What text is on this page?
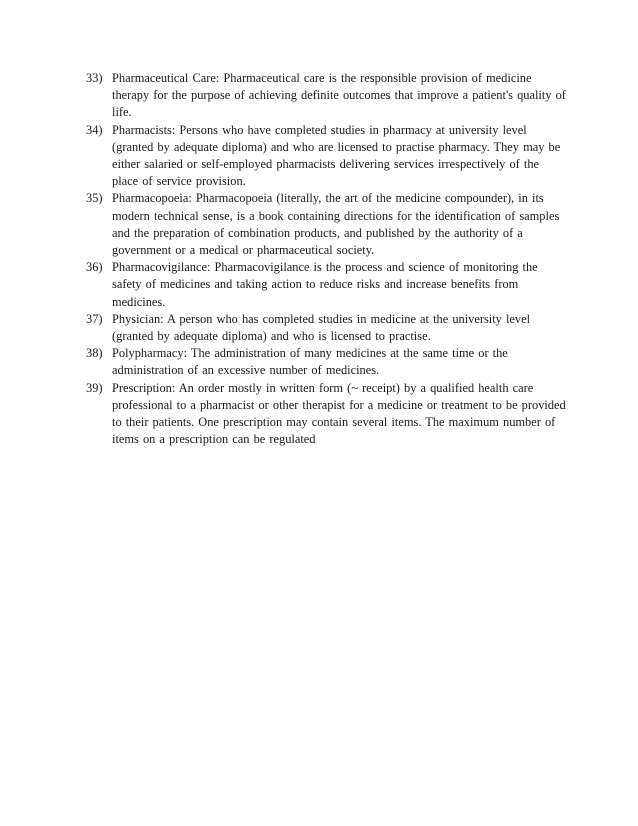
33) Pharmaceutical Care: Pharmaceutical care is the responsible provision of medicine therapy for the purpose of achieving definite outcomes that improve a patient's quality of life.
34) Pharmacists: Persons who have completed studies in pharmacy at university level (granted by adequate diploma) and who are licensed to practise pharmacy. They may be either salaried or self-employed pharmacists delivering services irrespectively of the place of service provision.
35) Pharmacopoeia: Pharmacopoeia (literally, the art of the medicine compounder), in its modern technical sense, is a book containing directions for the identification of samples and the preparation of combination products, and published by the authority of a government or a medical or pharmaceutical society.
36) Pharmacovigilance: Pharmacovigilance is the process and science of monitoring the safety of medicines and taking action to reduce risks and increase benefits from medicines.
37) Physician: A person who has completed studies in medicine at the university level (granted by adequate diploma) and who is licensed to practise.
38) Polypharmacy: The administration of many medicines at the same time or the administration of an excessive number of medicines.
39) Prescription: An order mostly in written form (~ receipt) by a qualified health care professional to a pharmacist or other therapist for a medicine or treatment to be provided to their patients. One prescription may contain several items. The maximum number of items on a prescription can be regulated
